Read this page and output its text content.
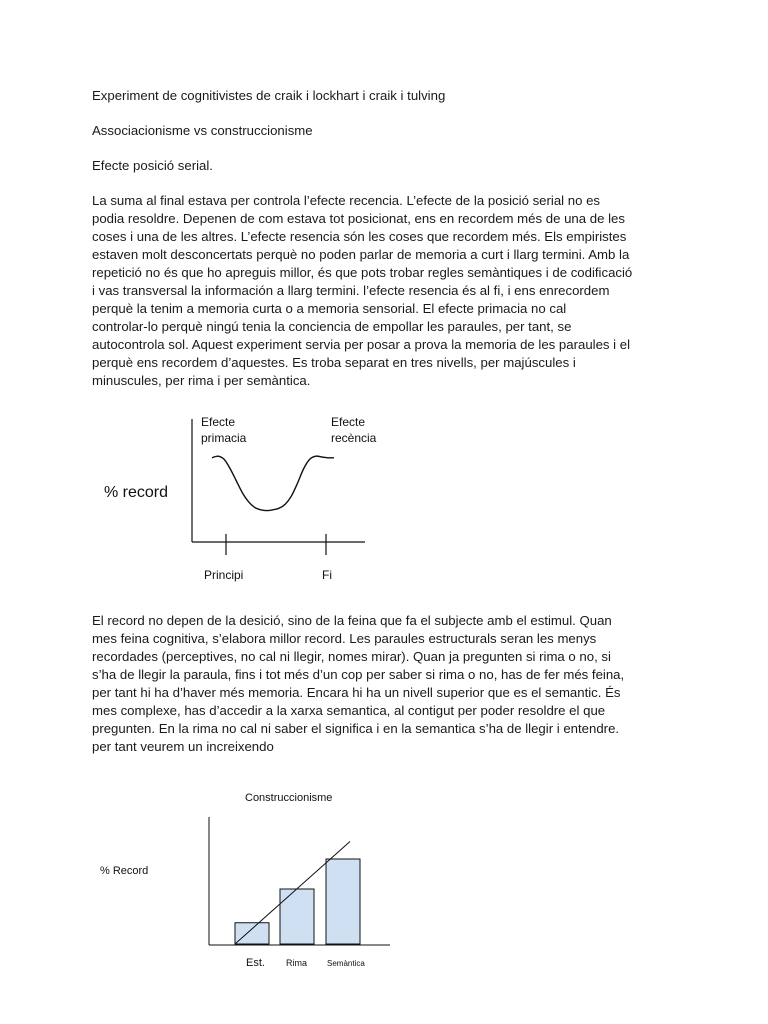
Experiment de cognitivistes de craik i lockhart i craik i tulving
Associacionisme vs construccionisme
Efecte posició serial.

La suma al final estava per controla l’efecte recencia. L’efecte de la posició serial no es

podia resoldre. Depenen de com estava tot posicionat, ens en recordem més de una de les

coses i una de les altres. L’efecte resencia són les coses que recordem més. Els empiristes

estaven molt desconcertats perquè no poden parlar de memoria a curt i llarg termini. Amb la

repetició no és que ho apreguis millor, és que pots trobar regles semàntiques i de codificació

i vas transversal la información a llarg termini. l’efecte resencia és al fi, i ens enrecordem

perquè la tenim a memoria curta o a memoria sensorial. El efecte primacia no cal

controlar-lo perquè ningú tenia la conciencia de empollar les paraules, per tant, se

autocontrola sol. Aquest experiment servia per posar a prova la memoria de les paraules i el

perquè ens recordem d’aquestes. Es troba separat en tres nivells, per majúscules i

minuscules, per rima i per semàntica.

% record
Efecte
primacia
Efecte
recència
Principi	Fi

El record no depen de la desició, sino de la feina que fa el subjecte amb el estimul. Quan

mes feina cognitiva, s’elabora millor record. Les paraules estructurals seran les menys

recordades (perceptives, no cal ni llegir, nomes mirar). Quan ja pregunten si rima o no, si

s’ha de llegir la paraula, fins i tot més d’un cop per saber si rima o no, has de fer més feina,

per tant hi ha d’haver més memoria. Encara hi ha un nivell superior que es el semantic. És

mes complexe, has d’accedir a la xarxa semantica, al contigut per poder resoldre el que

pregunten. En la rima no cal ni saber el significa i en la semantica s’ha de llegir i entendre.

per tant veurem un increixendo

Construccionisme
% Record
Est. Rima Semàntica
